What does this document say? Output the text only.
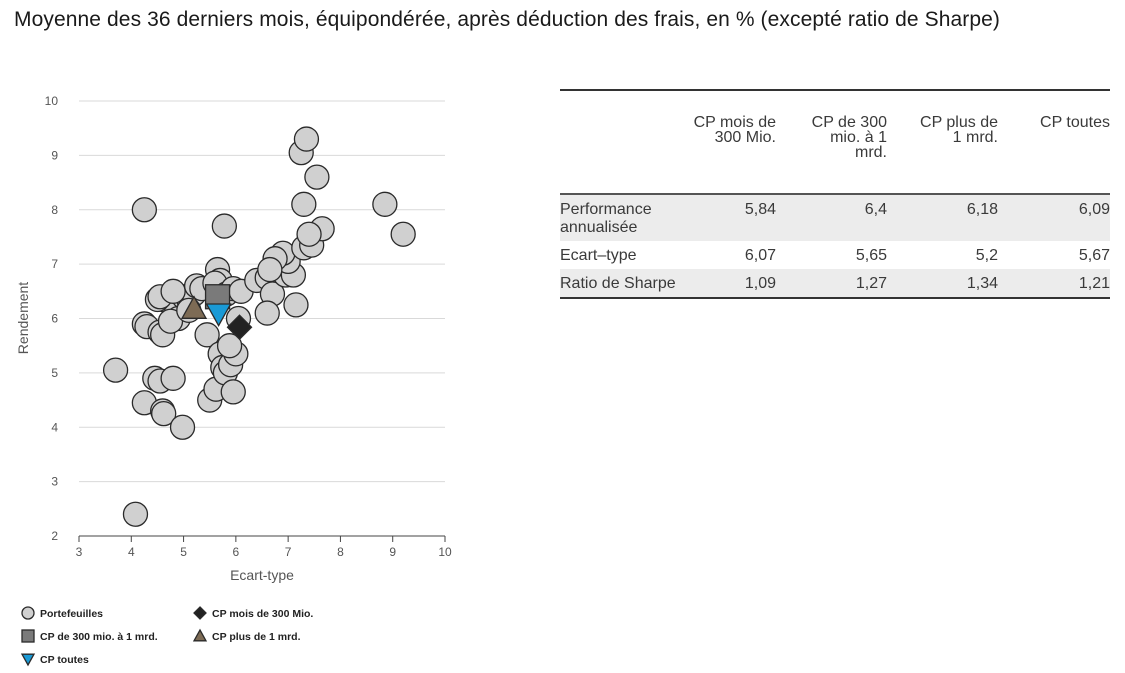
Moyenne des 36 derniers mois, équipondérée, après déduction des frais, en % (excepté ratio de Sharpe)
2
3
4
5
6
7
8
9
10
3	4	5	6	7	8	9	10
Ecart-type
Rendement
Portefeuilles	CP mois de 300 Mio.
CP de 300 mio. à 1 mrd.	CP plus de 1 mrd.
CP toutes
	CP mois de 300 Mio.	CP de 300 mio. à 1 mrd.	CP plus de 1 mrd.	CP toutes
Performance annualisée	5,84	6,4	6,18	6,09
Ecart–type	6,07	5,65	5,2	5,67
Ratio de Sharpe	1,09	1,27	1,34	1,21
